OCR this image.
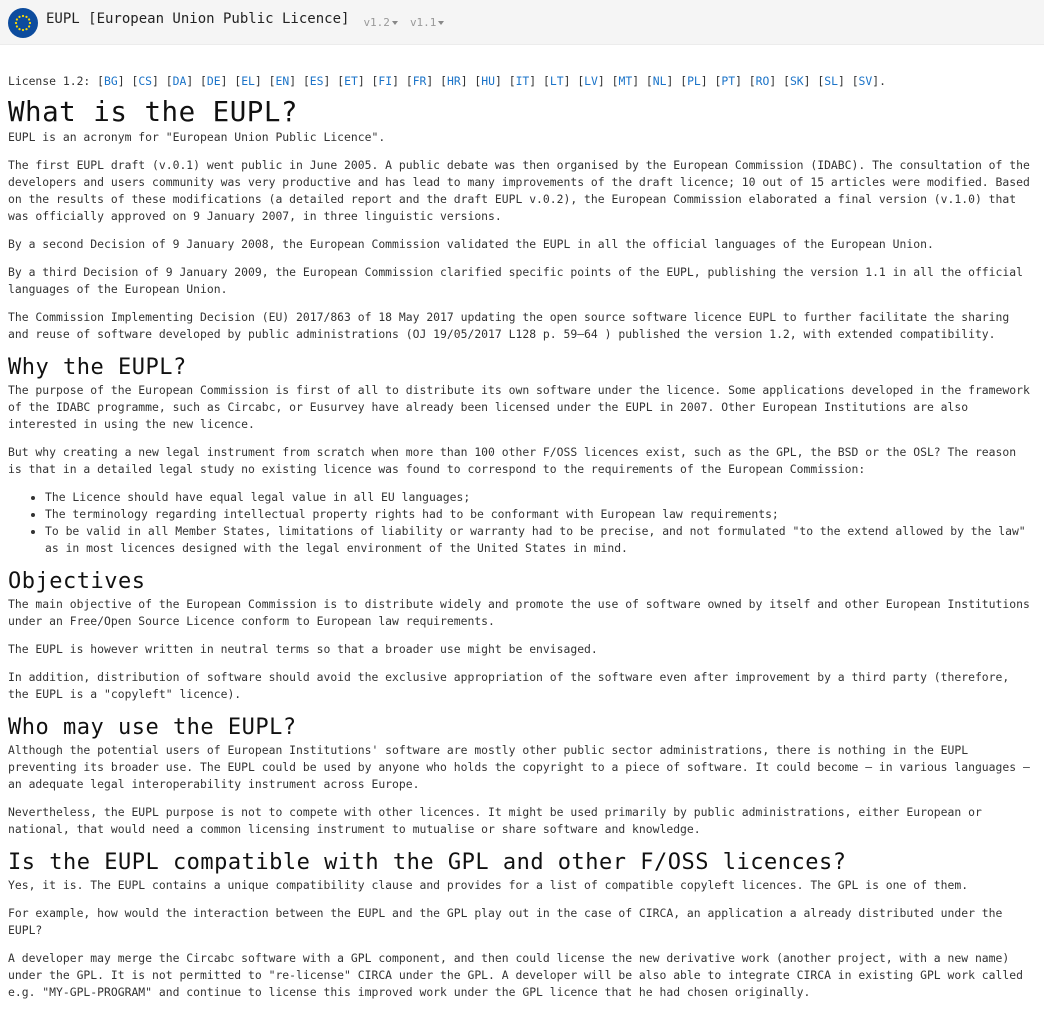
EUPL [European Union Public Licence] v1.2	v1.1
License 1.2: [BG] [CS] [DA] [DE] [EL] [EN] [ES] [ET] [FI] [FR] [HR] [HU] [IT] [LT] [LV] [MT] [NL] [PL] [PT] [RO] [SK] [SL] [SV].
What is the EUPL?

EUPL is an acronym for "European Union Public Licence".

The first EUPL draft (v.0.1) went public in June 2005. A public debate was then organised by the European Commission (IDABC). The consultation of the developers and users community was very productive and has lead to many improvements of the draft licence; 10 out of 15 articles were modified. Based on the results of these modifications (a detailed report and the draft EUPL v.0.2), the European Commission elaborated a final version (v.1.0) that was officially approved on 9 January 2007, in three linguistic versions.

By a second Decision of 9 January 2008, the European Commission validated the EUPL in all the official languages of the European Union.

By a third Decision of 9 January 2009, the European Commission clarified specific points of the EUPL, publishing the version 1.1 in all the official languages of the European Union.

The Commission Implementing Decision (EU) 2017/863 of 18 May 2017 updating the open source software licence EUPL to further facilitate the sharing and reuse of software developed by public administrations (OJ 19/05/2017 L128 p. 59–64 ) published the version 1.2, with extended compatibility.

Why the EUPL?

The purpose of the European Commission is first of all to distribute its own software under the licence. Some applications developed in the framework of the IDABC programme, such as Circabc, or Eusurvey have already been licensed under the EUPL in 2007. Other European Institutions are also interested in using the new licence.

But why creating a new legal instrument from scratch when more than 100 other F/OSS licences exist, such as the GPL, the BSD or the OSL? The reason is that in a detailed legal study no existing licence was found to correspond to the requirements of the European Commission:

• The Licence should have equal legal value in all EU languages;
• The terminology regarding intellectual property rights had to be conformant with European law requirements;
• To be valid in all Member States, limitations of liability or warranty had to be precise, and not formulated "to the extend allowed by the law" as in most licences designed with the legal environment of the United States in mind.
Objectives

The main objective of the European Commission is to distribute widely and promote the use of software owned by itself and other European Institutions under an Free/Open Source Licence conform to European law requirements.

The EUPL is however written in neutral terms so that a broader use might be envisaged.

In addition, distribution of software should avoid the exclusive appropriation of the software even after improvement by a third party (therefore, the EUPL is a "copyleft" licence).

Who may use the EUPL?

Although the potential users of European Institutions' software are mostly other public sector administrations, there is nothing in the EUPL preventing its broader use. The EUPL could be used by anyone who holds the copyright to a piece of software. It could become – in various languages – an adequate legal interoperability instrument across Europe.

Nevertheless, the EUPL purpose is not to compete with other licences. It might be used primarily by public administrations, either European or national, that would need a common licensing instrument to mutualise or share software and knowledge.

Is the EUPL compatible with the GPL and other F/OSS licences?

Yes, it is. The EUPL contains a unique compatibility clause and provides for a list of compatible copyleft licences. The GPL is one of them.

For example, how would the interaction between the EUPL and the GPL play out in the case of CIRCA, an application a already distributed under the EUPL?

A developer may merge the Circabc software with a GPL component, and then could license the new derivative work (another project, with a new name) under the GPL. It is not permitted to "re-license" CIRCA under the GPL. A developer will be also able to integrate CIRCA in existing GPL work called e.g. "MY-GPL-PROGRAM" and continue to license this improved work under the GPL licence that he had chosen originally.
